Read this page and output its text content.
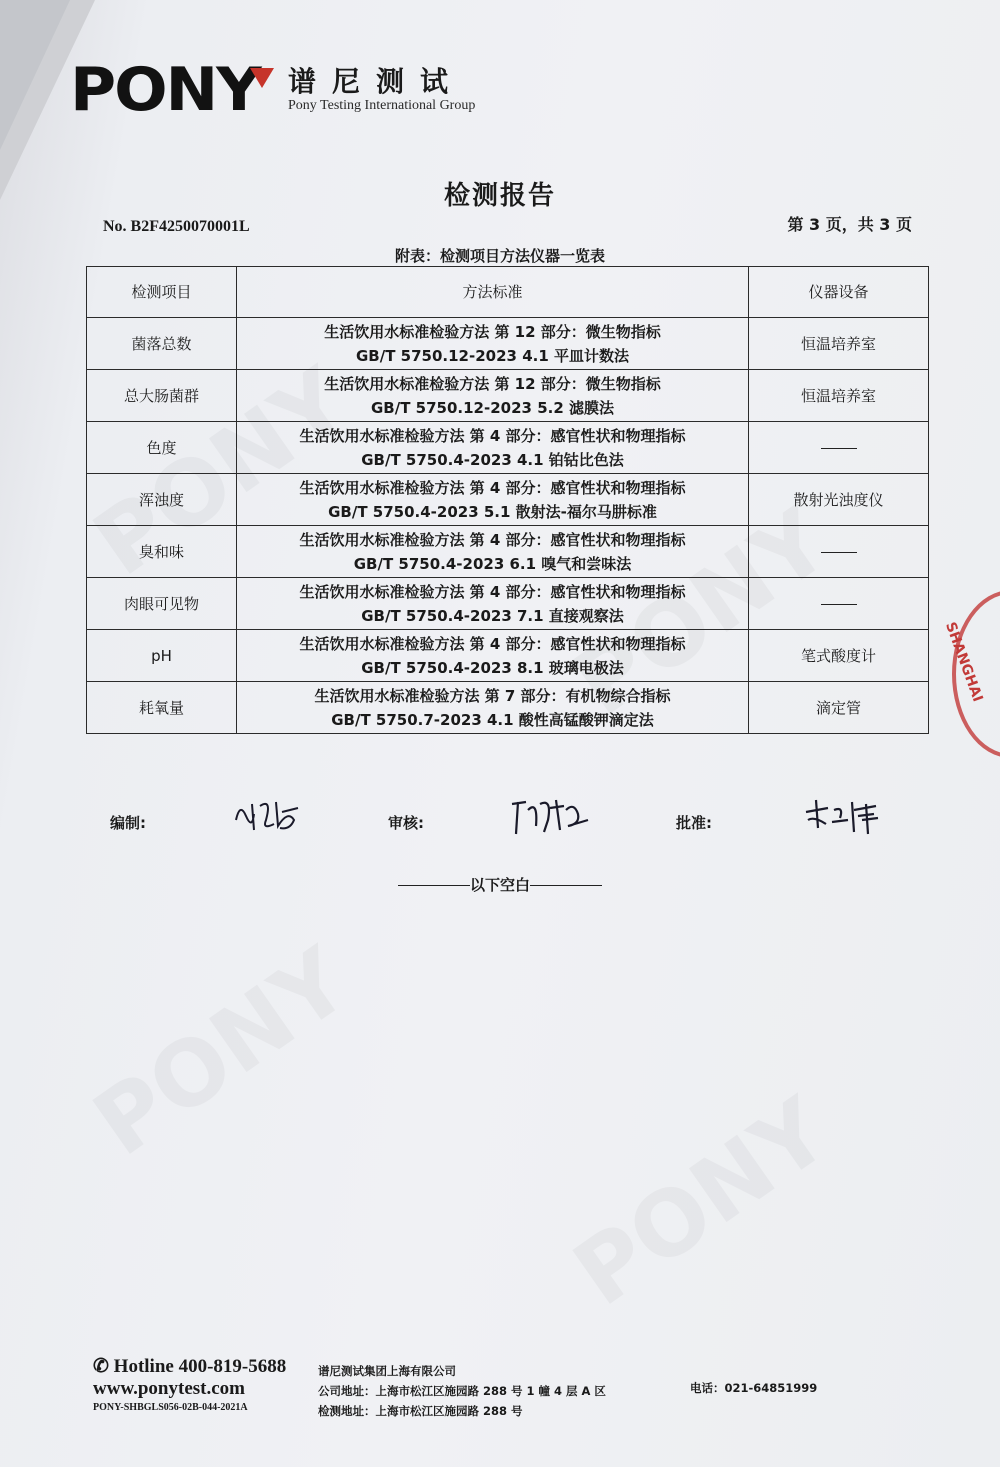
PONY 谱尼测试
Pony Testing International Group
检测报告
No. B2F4250070001L	第 3 页，共 3 页
附表：检测项目方法仪器一览表
检测项目	方法标准	仪器设备
菌落总数	生活饮用水标准检验方法 第 12 部分：微生物指标
GB/T 5750.12-2023 4.1 平皿计数法	恒温培养室
总大肠菌群	生活饮用水标准检验方法 第 12 部分：微生物指标
GB/T 5750.12-2023 5.2 滤膜法	恒温培养室
色度	生活饮用水标准检验方法 第 4 部分：感官性状和物理指标
GB/T 5750.4-2023 4.1 铂钴比色法	

浑浊度	生活饮用水标准检验方法 第 4 部分：感官性状和物理指标
GB/T 5750.4-2023 5.1 散射法-福尔马肼标准	散射光浊度仪
臭和味	生活饮用水标准检验方法 第 4 部分：感官性状和物理指标
GB/T 5750.4-2023 6.1 嗅气和尝味法	

肉眼可见物	生活饮用水标准检验方法 第 4 部分：感官性状和物理指标
GB/T 5750.4-2023 7.1 直接观察法	

pH	生活饮用水标准检验方法 第 4 部分：感官性状和物理指标
GB/T 5750.4-2023 8.1 玻璃电极法	笔式酸度计
耗氧量	生活饮用水标准检验方法 第 7 部分：有机物综合指标
GB/T 5750.7-2023 4.1 酸性高锰酸钾滴定法	滴定管
SHANGHAI
编制:	审核:	批准:
以下空白
✆ Hotline 400-819-5688
www.ponytest.com
PONY-SHBGLS056-02B-044-2021A
谱尼测试集团上海有限公司
公司地址：上海市松江区施园路 288 号 1 幢 4 层 A 区
检测地址：上海市松江区施园路 288 号
电话：021-64851999
